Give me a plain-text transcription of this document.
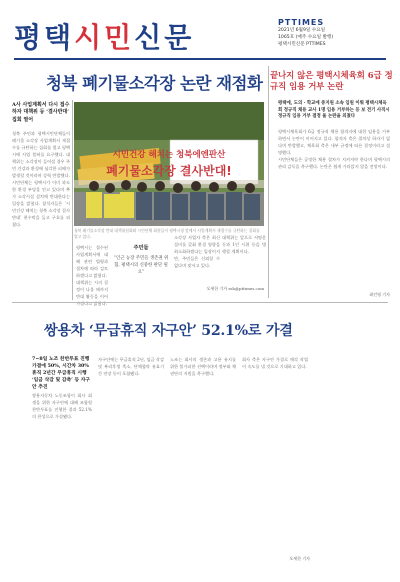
평택시민신문	PTTIMES
2021년 6월9일 수요일
1065호 (매주 수요일 발행)
평택시민신문 PTTIMES
청북 폐기물소각장 논란 재점화 끝나지 않은 평택시체육회 6급 정규직 임용 거부 논란
A사 사업계획서 다시 접수하자 대책위 등 ‘결사반대’ 집회 열어

청북 주민과 평택시민단체들이 폐기물 소각장 사업계획서 재접수를 규탄하는 집회를 열고 평택시에 사업 불허를 요구했다. 대책위는 소각장이 들어설 경우 주민 건강과 환경에 심각한 피해가 발생할 것이라며 강력 반발했다.

시민단체는 평택시가 이미 과도한 환경 부담을 안고 있다며 추가 소각시설 설치에 반대한다는 입장을 밝혔다. 참석자들은 ‘시민건강 해치는 청북 소각장 결사반대’ 현수막을 들고 구호를 외쳤다.

시민건강 해치는 청북에엔판산
폐기물소각장 결사반대!
청북 폐기물소각장 반대 대책위원회와 시민단체 회원들이 평택시청 앞에서 사업계획서 재접수를 규탄하는 집회를 열고 있다.

평택시는 접수된 사업계획서에 대해 관련 법령과 절차에 따라 검토하겠다고 밝혔다.

대책위는 시의 결정이 나올 때까지 반대 활동을 이어가겠다고 밝혔다.

주민들
“인근 농장 주민들 생존권 위협, 평택시의 신중한 판단 필요”

소각장 사업자 측은 최신 설비를 갖춰 환경 영향을 최소화하겠다는 입장이지만, 주민들은 신뢰할 수 없다며 맞서고 있다.

대책위는 앞으로 서명운동과 1인 시위 등을 병행할 계획이다.

오세한 기자 ssh@pttimes.com
평택에, 도의 · 학교에 중지원 소속 임원 이뤄 평택시체육회 정규직 채용 교사 1명 임용 거부하는 등 보 전기 사직시 정규직 임용 거부 결정 돌 논란을 외쳤다

평택시체육회가 6급 정규직 채용 합격자에 대한 임용을 거부하면서 논란이 이어지고 있다. 합격자 측은 절차상 하자가 없다며 반발했고, 체육회 측은 내부 규정에 따른 결정이라고 설명했다.

시민단체들은 공정한 채용 절차가 지켜져야 한다며 평택시의 관리 감독을 촉구했다. 논란은 쉽게 가라앉지 않을 전망이다.

최인영 기자
쌍용차 ‘무급휴직 자구안’ 52.1%로 가결
7~8일 노조 찬반투표 진행 가결에 50%, 시간차 30% 휴직 2년간 무급휴직 시행 ‘임금 삭감 및 감축’ 등 자구안 추진

쌍용자동차 노동조합이 회사 회생을 위한 자구안에 대해 조합원 찬반투표를 진행한 결과 52.1%의 찬성으로 가결됐다.

자구안에는 무급휴직 2년, 임금 삭감 및 복리후생 축소, 단체협약 유효기간 연장 등이 포함됐다.

노조는 회사의 생존과 고용 유지를 위한 불가피한 선택이라며 정부와 채권단의 지원을 촉구했다.

회사 측은 자구안 가결로 매각 작업이 속도를 낼 것으로 기대하고 있다.

오세한 기자
